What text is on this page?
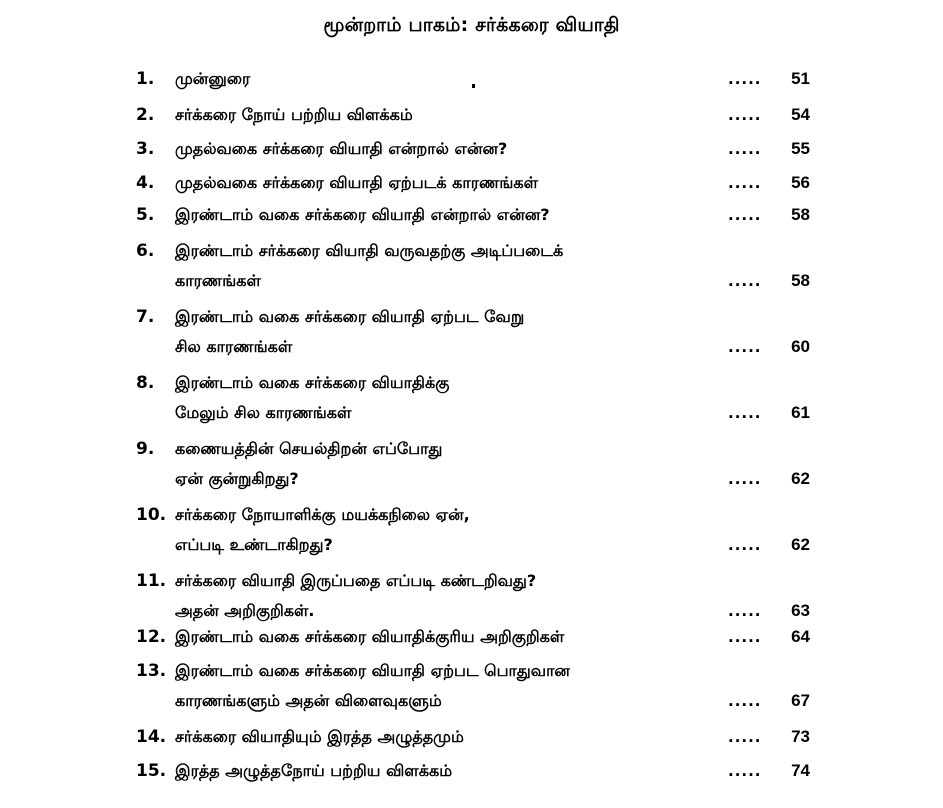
மூன்றாம் பாகம்: சர்க்கரை வியாதி
1.	முன்னுரை	.....	51
2.	சர்க்கரை நோய் பற்றிய விளக்கம்	.....	54
3.	முதல்வகை சர்க்கரை வியாதி என்றால் என்ன?	.....	55
4.	முதல்வகை சர்க்கரை வியாதி ஏற்படக் காரணங்கள்	.....	56
5.	இரண்டாம் வகை சர்க்கரை வியாதி என்றால் என்ன?	.....	58
6.	இரண்டாம் சர்க்கரை வியாதி வருவதற்கு அடிப்படைக்
காரணங்கள்	.....	58
7.	இரண்டாம் வகை சர்க்கரை வியாதி ஏற்பட வேறு
சில காரணங்கள்	.....	60
8.	இரண்டாம் வகை சர்க்கரை வியாதிக்கு
மேலும் சில காரணங்கள்	.....	61
9.	கணையத்தின் செயல்திறன் எப்போது
ஏன் குன்றுகிறது?	.....	62
10. சர்க்கரை நோயாளிக்கு மயக்கநிலை ஏன்,
எப்படி உண்டாகிறது?	.....	62
11. சர்க்கரை வியாதி இருப்பதை எப்படி கண்டறிவது?
அதன் அறிகுறிகள்.	.....	63
12. இரண்டாம் வகை சர்க்கரை வியாதிக்குரிய அறிகுறிகள்	.....	64
13. இரண்டாம் வகை சர்க்கரை வியாதி ஏற்பட பொதுவான
காரணங்களும் அதன் விளைவுகளும்	.....	67
14. சர்க்கரை வியாதியும் இரத்த அழுத்தமும்	.....	73
15. இரத்த அழுத்தநோய் பற்றிய விளக்கம்	.....	74
